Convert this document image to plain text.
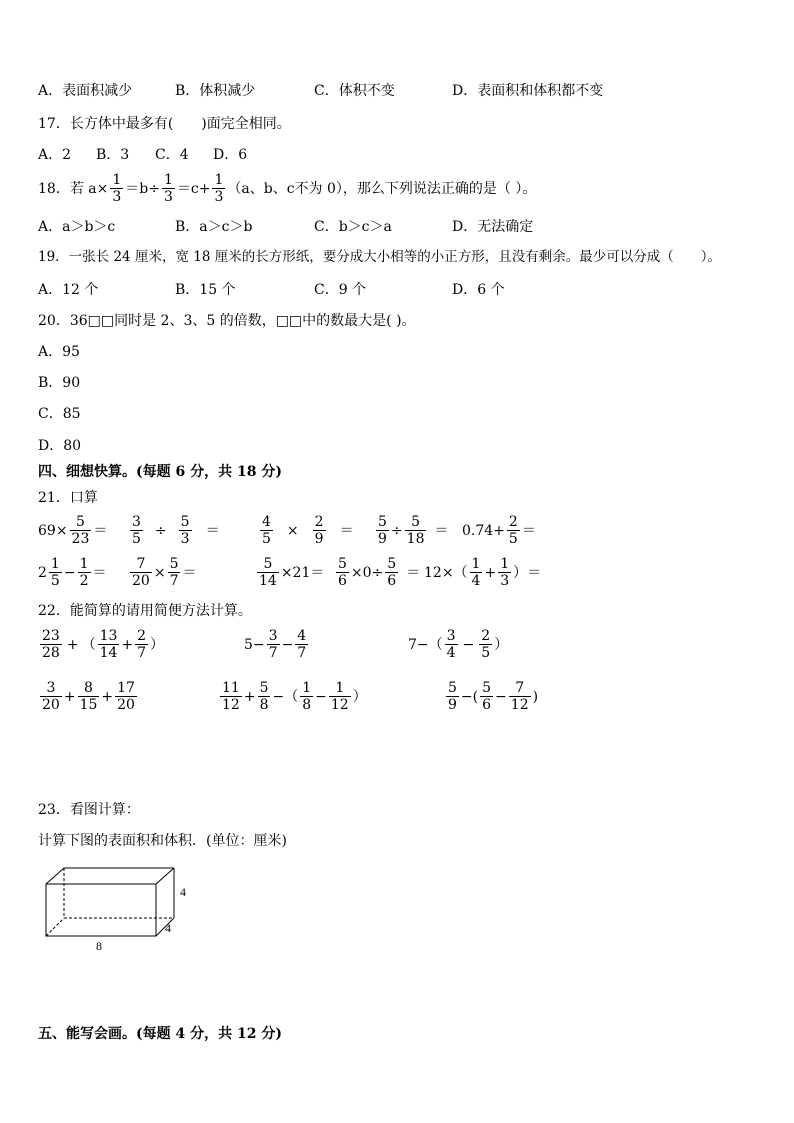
A．表面积减少	B．体积减少	C．体积不变	D．表面积和体积都不变
17．长方体中最多有(　　)面完全相同。
A．2 B．3 C．4 D．6
18．若 $a\times \frac{1}{3} =b\div \frac{1}{3} =c+ \frac{1}{3} (a$、b、c不为 0），那么下列说法正确的是（ ）。
A．a＞b＞c	B．a＞c＞b	C．b＞c＞a	D．无法确定
19．一张长 24 厘米，宽 18 厘米的长方形纸，要分成大小相等的小正方形，且没有剩余。最少可以分成（　　）。
A．12 个	B．15 个	C．9 个	D．6 个
20．36□□同时是 2、3、5 的倍数，□□中的数最大是( )。
A．95
B．90
C．85
D．80
四、细想快算。(每题 6 分，共 18 分)
21．口算
$69\times \frac{5}{23} = \frac{3}{5} \div \frac{5}{3}$ ＝	$\frac{4}{5} \times \frac{2}{9} = \frac{5}{9} \div \frac{5}{18} = 0.74+ \frac{2}{5}$ ＝
2
1
5
− $\frac{1}{2} = \frac{7}{20} \times \frac{5}{7}$ ＝	$\frac{5}{14} \times 21= \frac{5}{6} \times 0\div \frac{5}{6} = 12\times$（
1
4
+ $\frac{1}{3}$ ）＝
22．能简算的请用简便方法计算。
23
28
+ （
13
14
+ $\frac{2}{7}$ ）	$5- \frac{3}{7} - \frac{4}{7}$	7−（
3
4
− $\frac{2}{5}$ ）
3
20
+ $\frac{8}{15} + \frac{17}{20}$	11
12
+ $\frac{5}{8}$ − （
1
8
− $\frac{1}{12}$ ）
5
9
− (
5
6
− $\frac{7}{12}$ )
23．看图计算：
计算下图的表面积和体积．(单位：厘米)
4
4
8
五、能写会画。(每题 4 分，共 12 分)
